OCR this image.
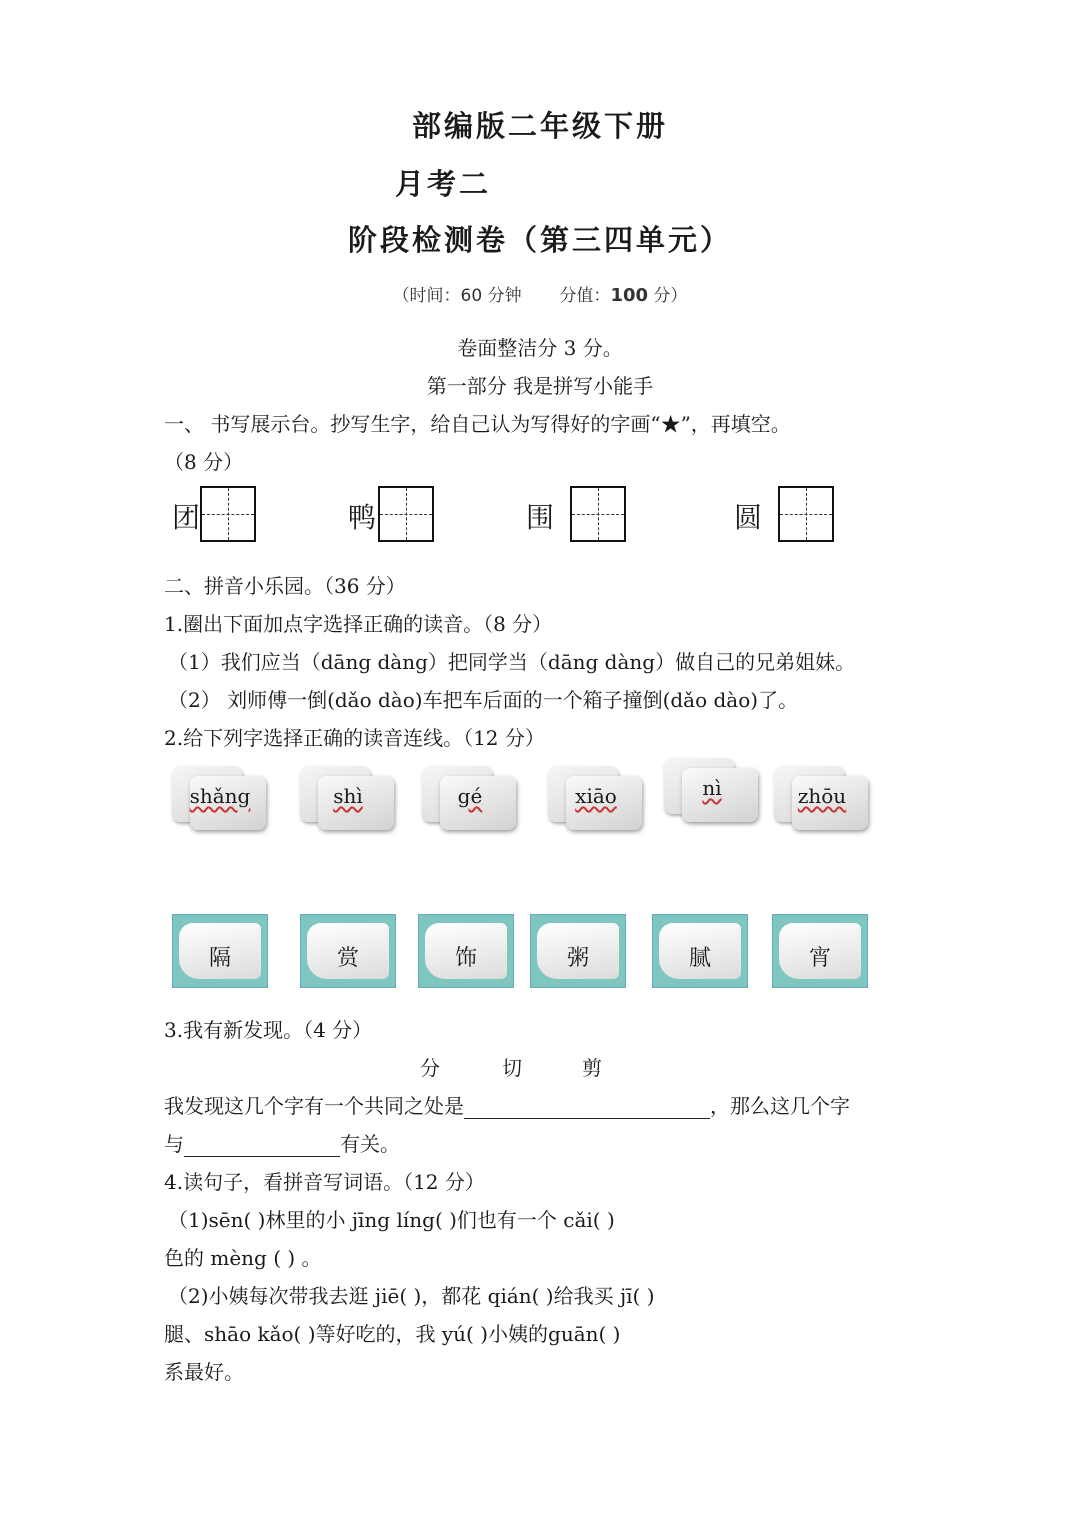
部编版二年级下册
月考二
阶段检测卷（第三四单元）
（时间：60 分钟 分值：100 分）
卷面整洁分 3 分。
第一部分 我是拼写小能手
一、 书写展示台。抄写生字，给自己认为写得好的字画“★”，再填空。
（8 分）
团	鸭	围	圆
二、拼音小乐园。（36 分）
1.圈出下面加点字选择正确的读音。（8 分）
（1）我们应当（dāng dàng）把同学当（dāng dàng）做自己的兄弟姐妹。
（2） 刘师傅一倒(dǎo dào)车把车后面的一个箱子撞倒(dǎo dào)了。
2.给下列字选择正确的读音连线。（12 分）
shǎng	shì	gé	xiāo	nì	zhōu
隔	赏	饰	粥	腻	宵
3.我有新发现。（4 分）
分	切	剪
我发现这几个字有一个共同之处是	，那么这几个字
与	有关。
4.读句子，看拼音写词语。（12 分）
（1)sēn( )林里的小 jīng líng( )们也有一个 cǎi( )
色的 mèng ( ) 。
（2)小姨每次带我去逛 jiē( )，都花 qián( )给我买 jī( )
腿、shāo kǎo( )等好吃的，我 yú( )小姨的guān( )
系最好。
